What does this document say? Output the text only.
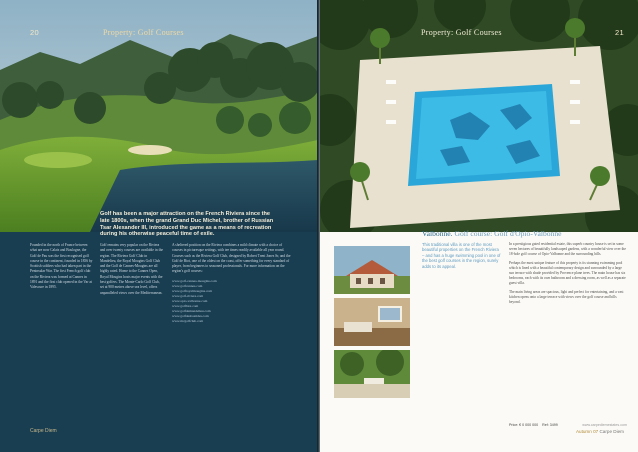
20	Property: Golf Courses
Golf has been a major attraction on the French Riviera since the late 1800s, when the grand Grand Duc Michel, brother of Russian Tsar Alexander III, introduced the game as a means of recreation during his otherwise peaceful time of exile.

Founded in the north of France between what are now Calais and Boulogne, the Golf de Pau was the first recognised golf course in the continent, founded in 1856 by Scottish soldiers who had taken part in the Peninsular War. The first French golf club on the Riviera was formed at Cannes in 1891 and the first club opened in the Var at Valescure in 1895.

Golf remains very popular on the Riviera and over twenty courses are available in the region. The Riviera Golf Club in Mandelieu, the Royal Mougins Golf Club and the Golf de Cannes-Mougins are all highly rated. Home to the Cannes Open, Royal Mougins hosts major events with the best golfers. The Monte-Carlo Golf Club, set at 900 metres above sea level, offers unparalleled views over the Mediterranean.

A sheltered position on the Riviera combines a mild climate with a choice of courses in picturesque settings, with tee times readily available all year round. Courses such as the Riviera Golf Club, designed by Robert Trent Jones Sr, and the Golf de Biot, one of the oldest on the coast, offer something for every standard of player, from beginners to seasoned professionals. For more information on the region's golf courses:

www.golf-cannes-mougins.com
www.golfcannes.com
www.golfroyalmougins.com
www.golf-riviera.com
www.opio-valbonne.com
www.golfbiot.com
www.golfdemandelieu.com
www.golfdesbastides.com
www.mcgolfclub.com
Carpe Diem
Property: Golf Courses	21
Valbonne. Golf course: Golf d'Opio-Valbonne
This traditional villa is one of the most beautiful properties on the French Riviera – and has a huge swimming pool in one of the best golf courses in the region, surely adds to its appeal.

In a prestigious gated residential estate, this superb country house is set in some seven hectares of beautifully landscaped gardens, with a wonderful view over the 18-hole golf course of Opio-Valbonne and the surrounding hills.

Perhaps the most unique feature of this property is its stunning swimming pool which is lined with a beautiful contemporary design and surrounded by a large sun terrace with shade provided by Provence plane trees. The main house has six bedrooms, each with its own bathroom and a dressing room, as well as a separate guest villa.

The main living areas are spacious, light and perfect for entertaining, and a vast kitchen opens onto a large terrace with views over the golf course and hills beyond.

Price: € 0 000 000 Ref: 3499	www.carpediemestates.com
Autumn 07 Carpe Diem
